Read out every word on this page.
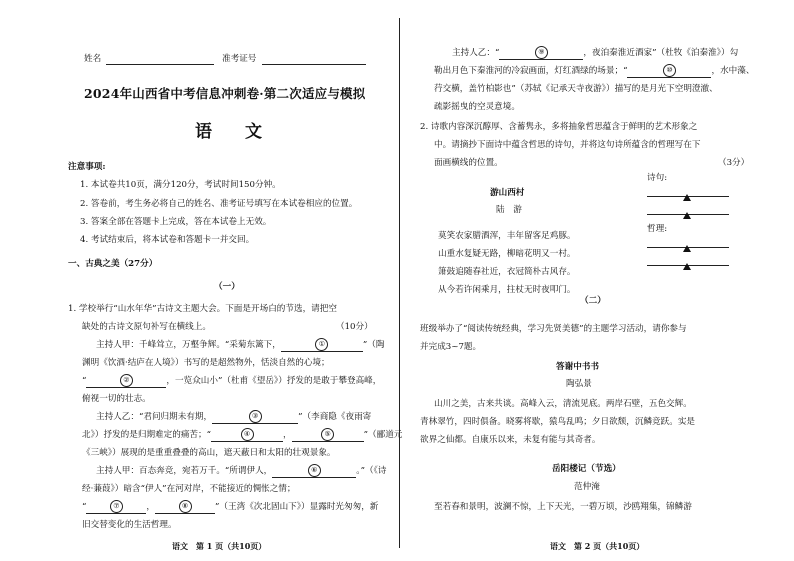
姓名	准考证号
2024年山西省中考信息冲刺卷·第二次适应与模拟
语　文
注意事项:
1. 本试卷共10页，满分120分，考试时间150分钟。
2. 答卷前，考生务必将自己的姓名、准考证号填写在本试卷相应的位置。
3. 答案全部在答题卡上完成，答在本试卷上无效。
4. 考试结束后，将本试卷和答题卡一并交回。
一、古典之美（27分）
（一）
1. 学校举行“山水年华”古诗文主题大会。下面是开场白的节选，请把空
缺处的古诗文原句补写在横线上。	（10分）
主持人甲：千峰耸立，万壑争辉。“采菊东篱下，	①	”（陶
渊明《饮酒·结庐在人境》）书写的是超然物外，恬淡自然的心境；
“	②	，一览众山小”（杜甫《望岳》）抒发的是敢于攀登高峰，
俯视一切的壮志。
主持人乙：“君问归期未有期，	③	”（李商隐《夜雨寄
北》）抒发的是归期难定的痛苦；“	④	，	⑤	”（郦道元
《三峡》）展现的是重重叠叠的高山，遮天蔽日和太阳的壮观景象。
主持人甲：百态奔竞，宛若万千。“所谓伊人，	⑥	。”（《诗
经·蒹葭》）暗含“伊人”在河对岸，不能接近的惆怅之情；
“	⑦	，	⑧	”（王湾《次北固山下》）显露时光匆匆，新
旧交替变化的生活哲理。
语文　第 1 页（共10页）
主持人乙：“	⑨	，夜泊秦淮近酒家”（杜牧《泊秦淮》）勾
勒出月色下秦淮河的冷寂画面，灯红酒绿的场景；“	⑩	，水中藻、
荇交横，盖竹柏影也”（苏轼《记承天寺夜游》）描写的是月光下空明澄澈、
疏影摇曳的空灵意境。
2. 诗歌内容深沉醇厚、含蓄隽永，多将抽象哲思蕴含于鲜明的艺术形象之
中。请摘抄下面诗中蕴含哲思的诗句，并将这句诗所蕴含的哲理写在下
面画横线的位置。	（3分）
游山西村
陆　游
莫笑农家腊酒浑，丰年留客足鸡豚。
山重水复疑无路，柳暗花明又一村。
箫鼓追随春社近，衣冠简朴古风存。
从今若许闲乘月，拄杖无时夜叩门。
诗句:
哲理:
（二）
班级举办了“阅读传统经典，学习先贤美德”的主题学习活动，请你参与
并完成3~7题。
答谢中书书
陶弘景
山川之美，古来共谈。高峰入云，清流见底。两岸石壁，五色交辉。
青林翠竹，四时俱备。晓雾将歇，猿鸟乱鸣；夕日欲颓，沉鳞竞跃。实是
欲界之仙都。自康乐以来，未复有能与其奇者。
岳阳楼记（节选）
范仲淹
至若春和景明，波澜不惊，上下天光，一碧万顷，沙鸥翔集，锦鳞游
语文　第 2 页（共10页）
